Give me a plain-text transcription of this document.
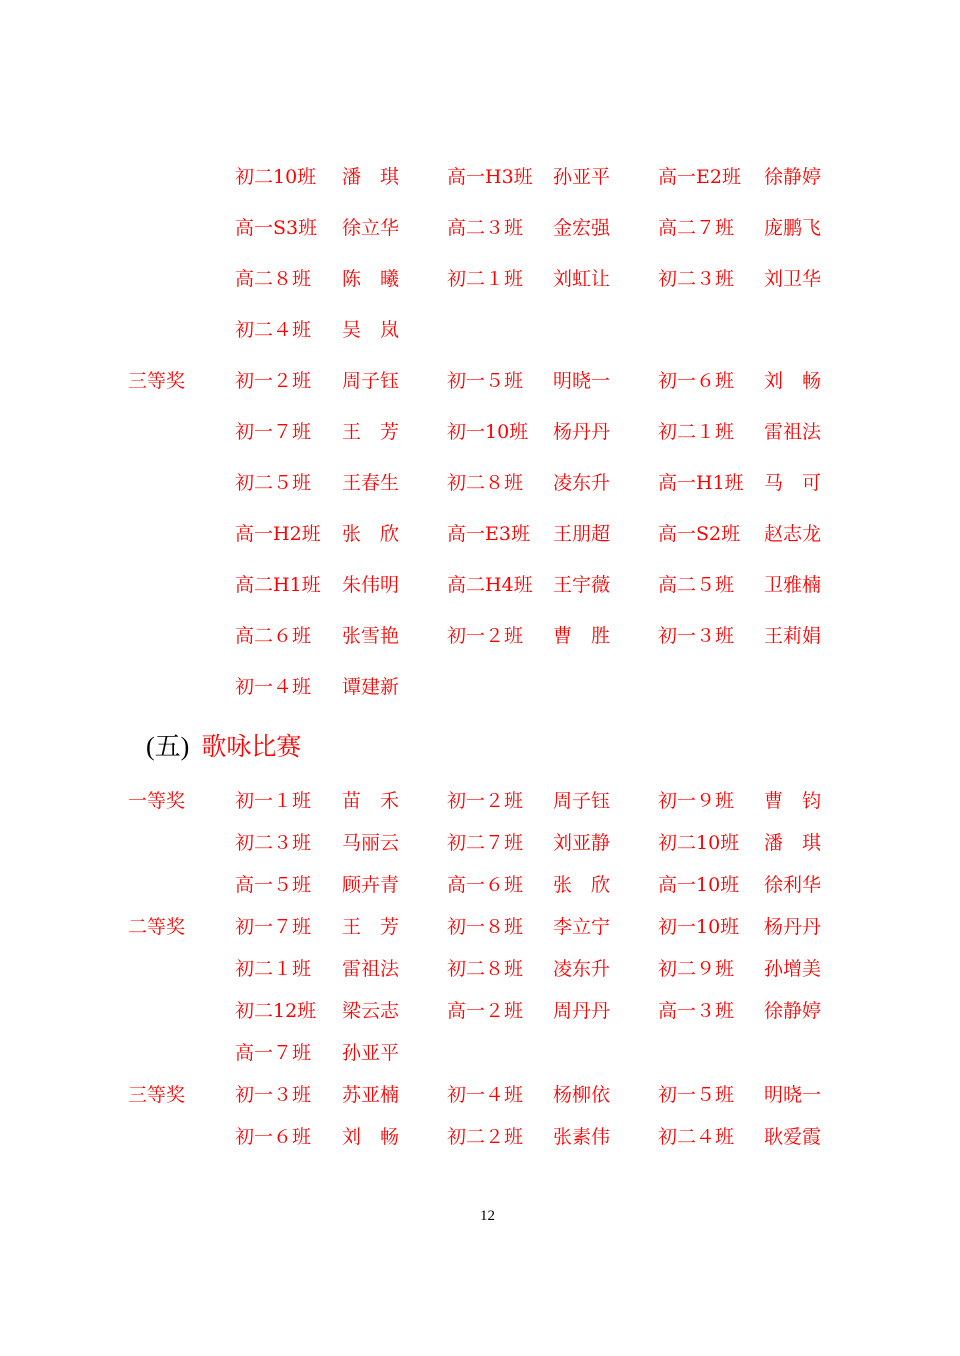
初二10班 潘　琪	高一H3班 孙亚平	高一E2班 徐静婷
高一S3班 徐立华	高二３班 金宏强	高二７班 庞鹏飞
高二８班 陈　曦	初二１班 刘虹让	初二３班 刘卫华
初二４班 吴　岚
三等奖	初一２班 周子钰	初一５班 明晓一	初一６班 刘　畅
初一７班 王　芳	初一10班 杨丹丹	初二１班 雷祖法
初二５班 王春生	初二８班 凌东升	高一H1班 马　可
高一H2班 张　欣	高一E3班 王朋超	高一S2班 赵志龙
高二H1班 朱伟明	高二H4班 王宇薇	高二５班 卫雅楠
高二６班 张雪艳	初一２班 曹　胜	初一３班 王莉娟
初一４班 谭建新
(五) 歌咏比赛
一等奖	初一１班 苗　禾	初一２班 周子钰	初一９班 曹　钧
初二３班 马丽云	初二７班 刘亚静	初二10班 潘　琪
高一５班 顾卉青	高一６班 张　欣	高一10班 徐利华
二等奖	初一７班 王　芳	初一８班 李立宁	初一10班 杨丹丹
初二１班 雷祖法	初二８班 凌东升	初二９班 孙增美
初二12班 梁云志	高一２班 周丹丹	高一３班 徐静婷
高一７班 孙亚平
三等奖	初一３班 苏亚楠	初一４班 杨柳依	初一５班 明晓一
初一６班 刘　畅	初二２班 张素伟	初二４班 耿爱霞
12
